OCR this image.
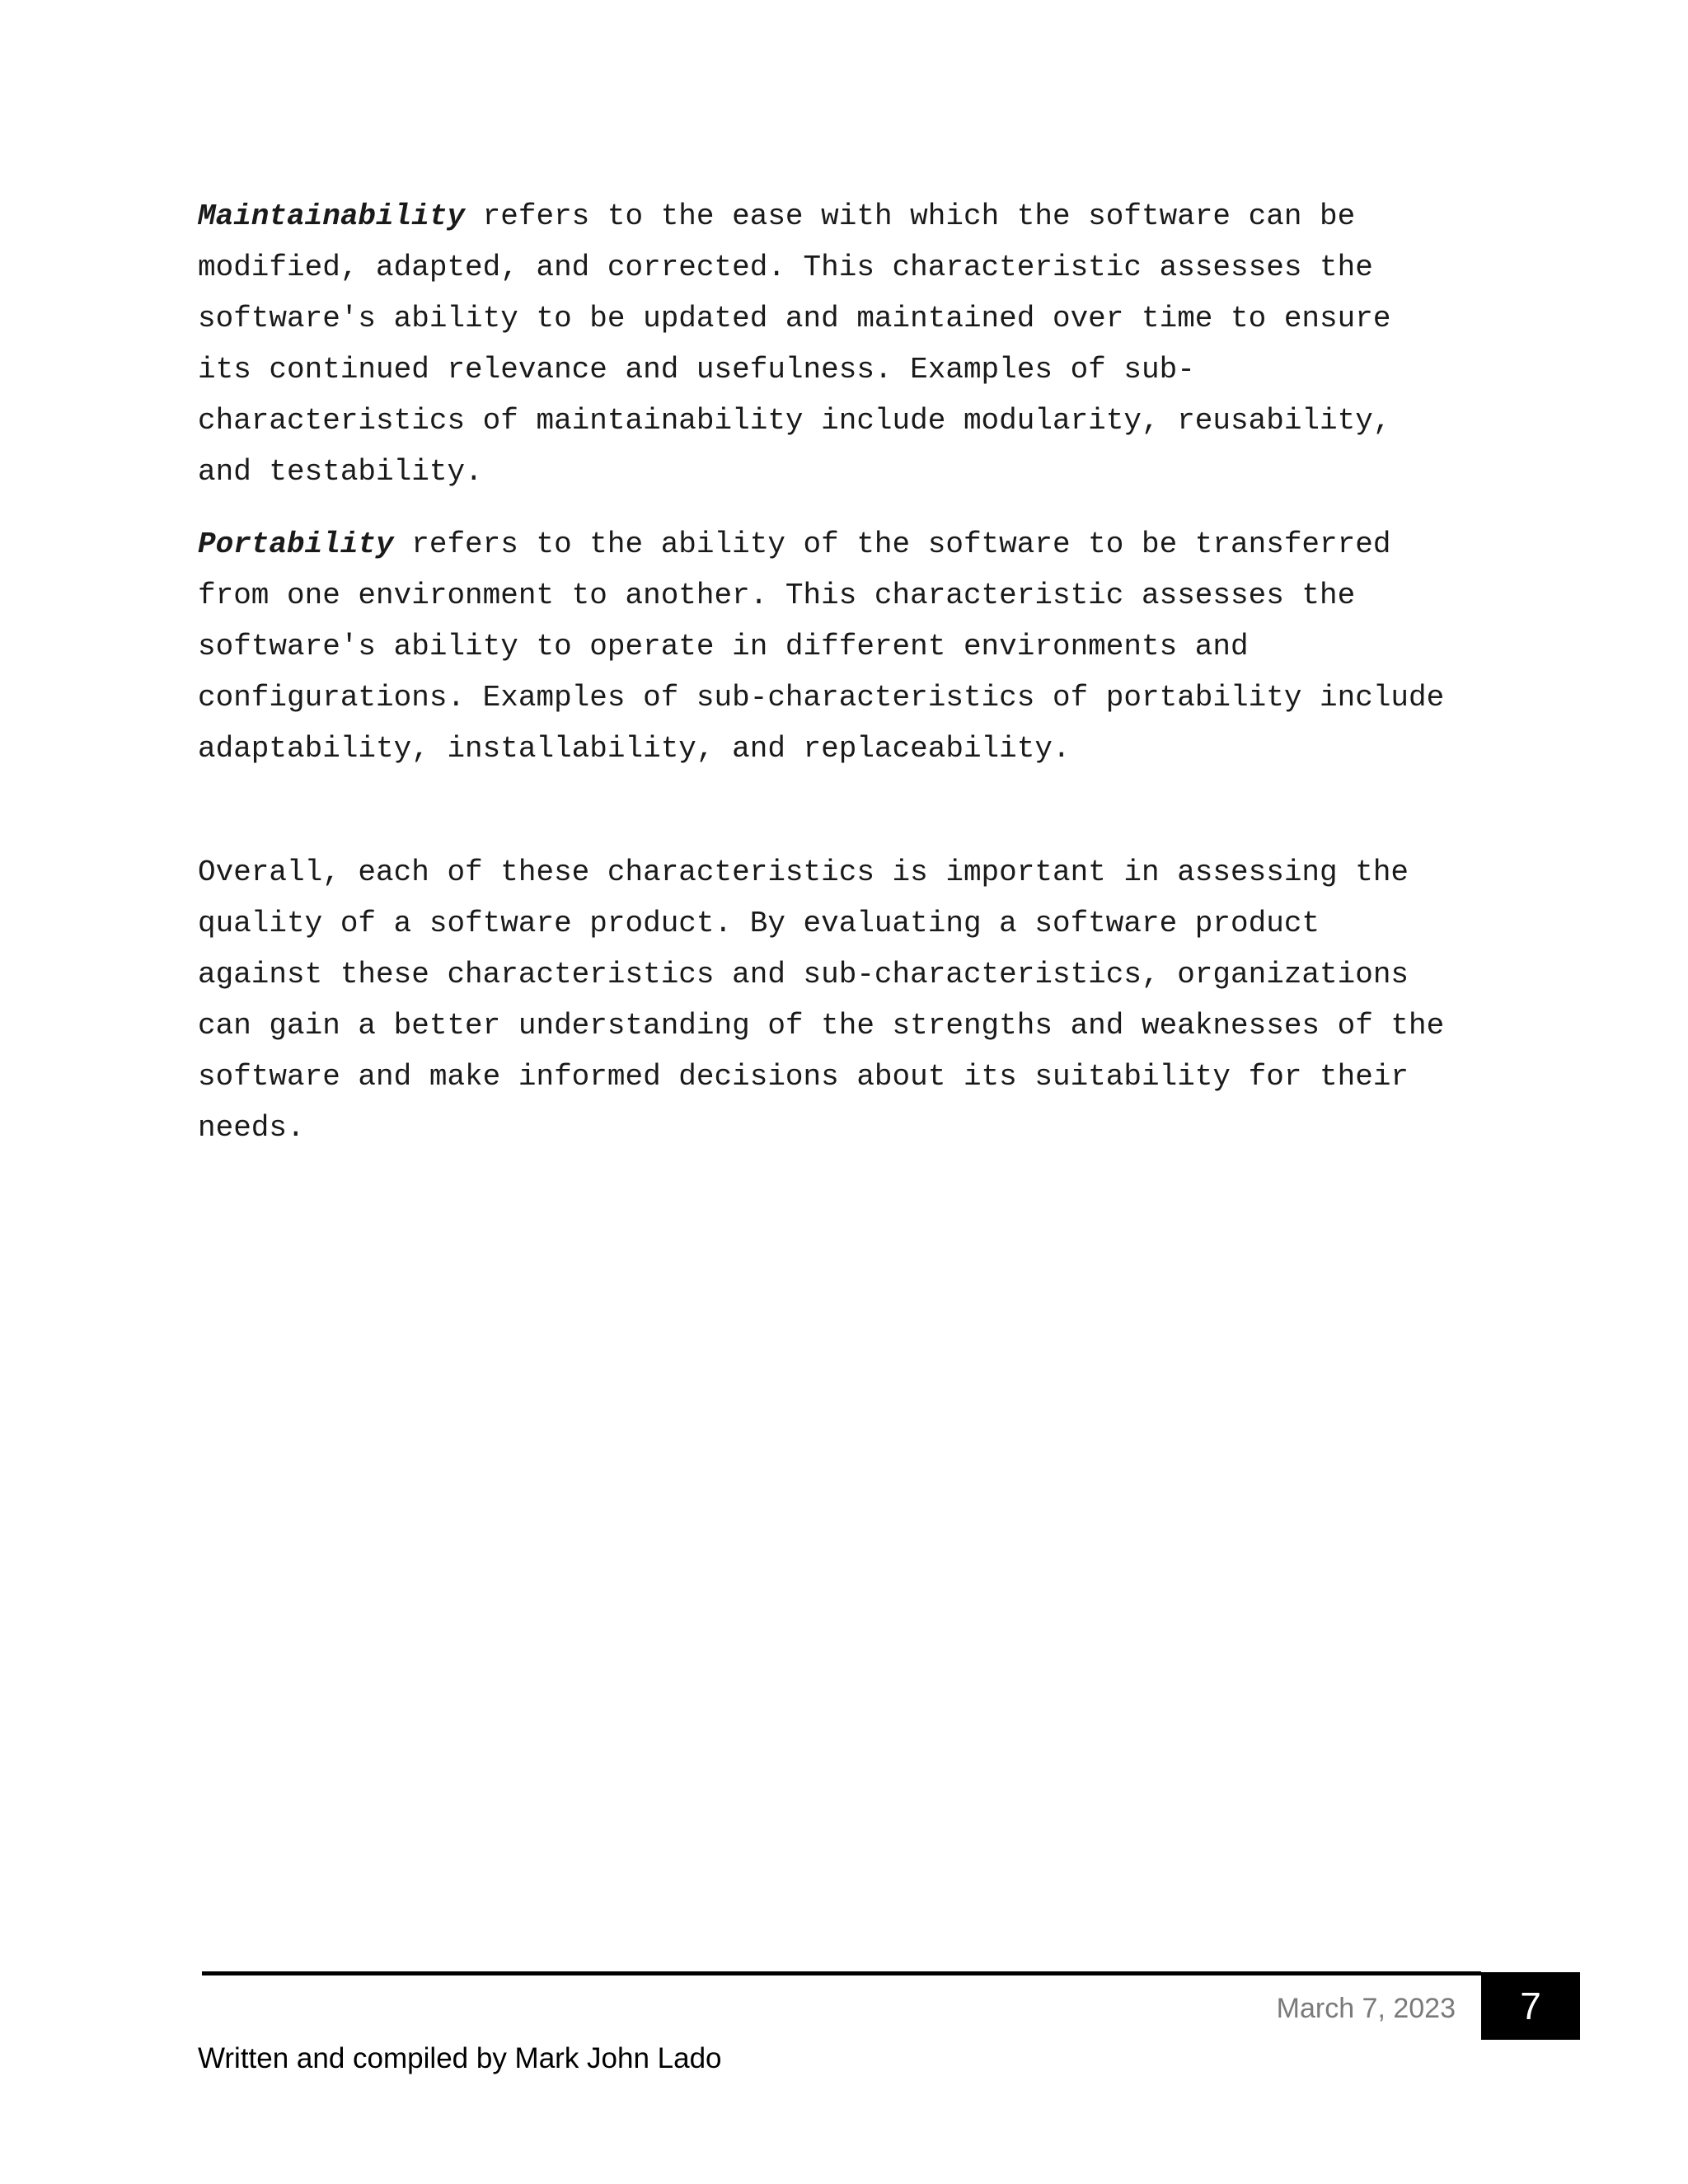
Maintainability refers to the ease with which the software can be
modified, adapted, and corrected. This characteristic assesses the
software's ability to be updated and maintained over time to ensure
its continued relevance and usefulness. Examples of sub-
characteristics of maintainability include modularity, reusability,
and testability.

Portability refers to the ability of the software to be transferred
from one environment to another. This characteristic assesses the
software's ability to operate in different environments and
configurations. Examples of sub-characteristics of portability include
adaptability, installability, and replaceability.

Overall, each of these characteristics is important in assessing the
quality of a software product. By evaluating a software product
against these characteristics and sub-characteristics, organizations
can gain a better understanding of the strengths and weaknesses of the
software and make informed decisions about its suitability for their
needs.

March 7, 2023 7
Written and compiled by Mark John Lado
